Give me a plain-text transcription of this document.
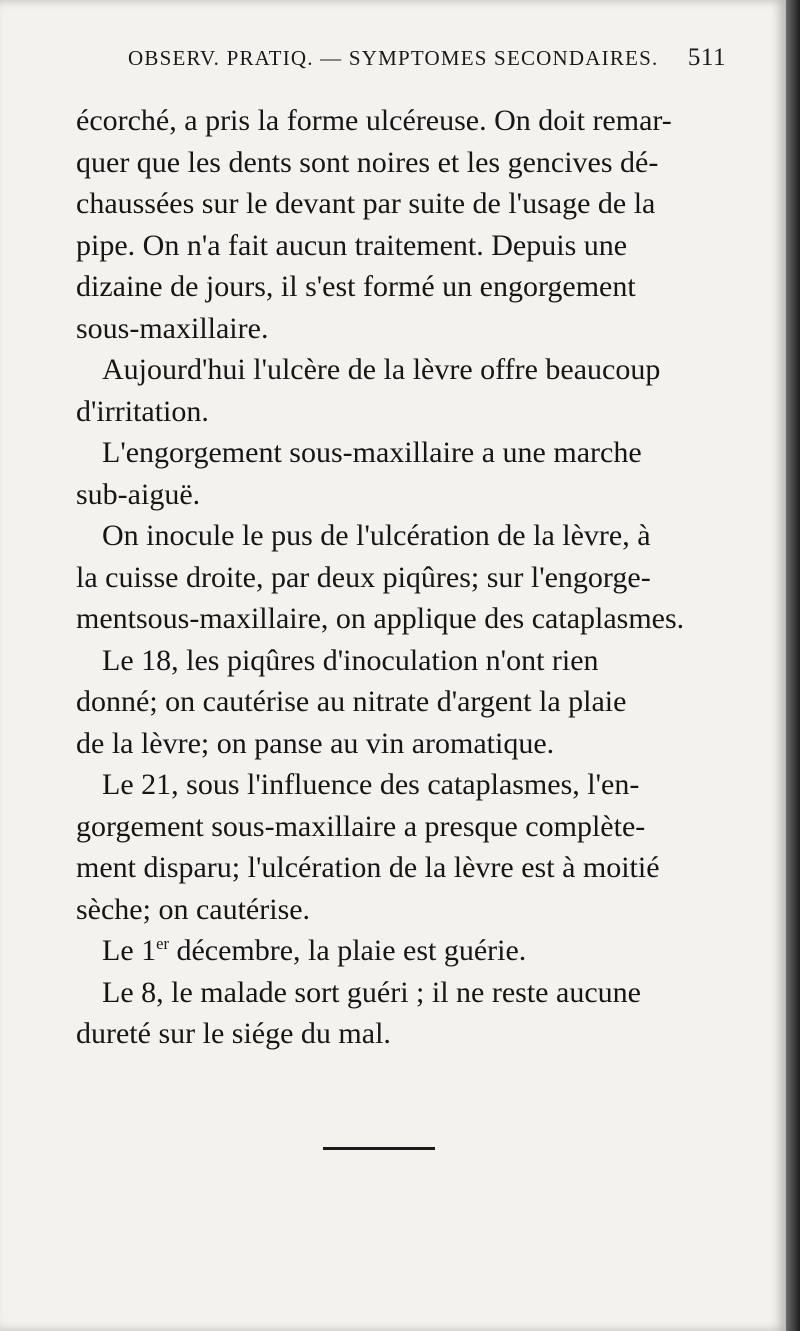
OBSERV. PRATIQ. — SYMPTOMES SECONDAIRES. 511

écorché, a pris la forme ulcéreuse. On doit remar-
quer que les dents sont noires et les gencives dé-
chaussées sur le devant par suite de l'usage de la
pipe. On n'a fait aucun traitement. Depuis une
dizaine de jours, il s'est formé un engorgement
sous-maxillaire.

Aujourd'hui l'ulcère de la lèvre offre beaucoup
d'irritation.

L'engorgement sous-maxillaire a une marche
sub-aiguë.

On inocule le pus de l'ulcération de la lèvre, à
la cuisse droite, par deux piqûres; sur l'engorge-
mentsous-maxillaire, on applique des cataplasmes.

Le 18, les piqûres d'inoculation n'ont rien
donné; on cautérise au nitrate d'argent la plaie
de la lèvre; on panse au vin aromatique.

Le 21, sous l'influence des cataplasmes, l'en-
gorgement sous-maxillaire a presque complète-
ment disparu; l'ulcération de la lèvre est à moitié
sèche; on cautérise.

Le 1er décembre, la plaie est guérie.

Le 8, le malade sort guéri ; il ne reste aucune
dureté sur le siége du mal.
